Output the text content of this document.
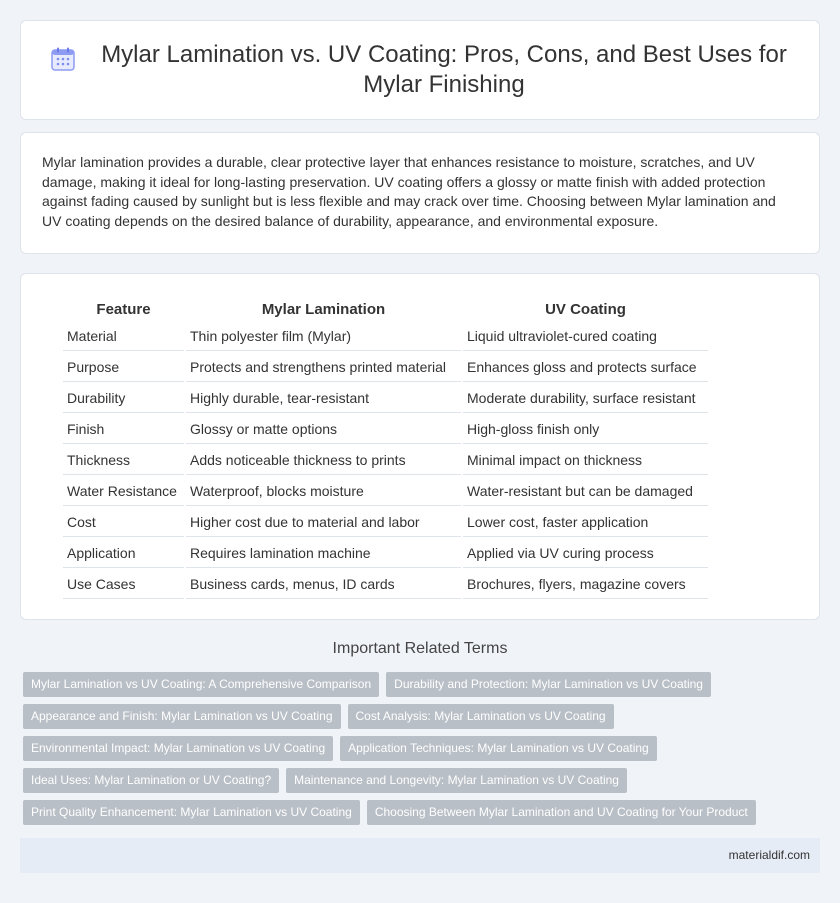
Mylar Lamination vs. UV Coating: Pros, Cons, and Best Uses for Mylar Finishing

Mylar lamination provides a durable, clear protective layer that enhances resistance to moisture, scratches, and UV damage, making it ideal for long-lasting preservation. UV coating offers a glossy or matte finish with added protection against fading caused by sunlight but is less flexible and may crack over time. Choosing between Mylar lamination and UV coating depends on the desired balance of durability, appearance, and environmental exposure.

Feature	Mylar Lamination	UV Coating
Material	Thin polyester film (Mylar)	Liquid ultraviolet-cured coating
Purpose	Protects and strengthens printed material	Enhances gloss and protects surface
Durability	Highly durable, tear-resistant	Moderate durability, surface resistant
Finish	Glossy or matte options	High-gloss finish only
Thickness	Adds noticeable thickness to prints	Minimal impact on thickness
Water Resistance	Waterproof, blocks moisture	Water-resistant but can be damaged
Cost	Higher cost due to material and labor	Lower cost, faster application
Application	Requires lamination machine	Applied via UV curing process
Use Cases	Business cards, menus, ID cards	Brochures, flyers, magazine covers
Important Related Terms
Mylar Lamination vs UV Coating: A Comprehensive Comparison	Durability and Protection: Mylar Lamination vs UV Coating
Appearance and Finish: Mylar Lamination vs UV Coating	Cost Analysis: Mylar Lamination vs UV Coating
Environmental Impact: Mylar Lamination vs UV Coating	Application Techniques: Mylar Lamination vs UV Coating
Ideal Uses: Mylar Lamination or UV Coating?	Maintenance and Longevity: Mylar Lamination vs UV Coating
Print Quality Enhancement: Mylar Lamination vs UV Coating	Choosing Between Mylar Lamination and UV Coating for Your Product
materialdif.com
